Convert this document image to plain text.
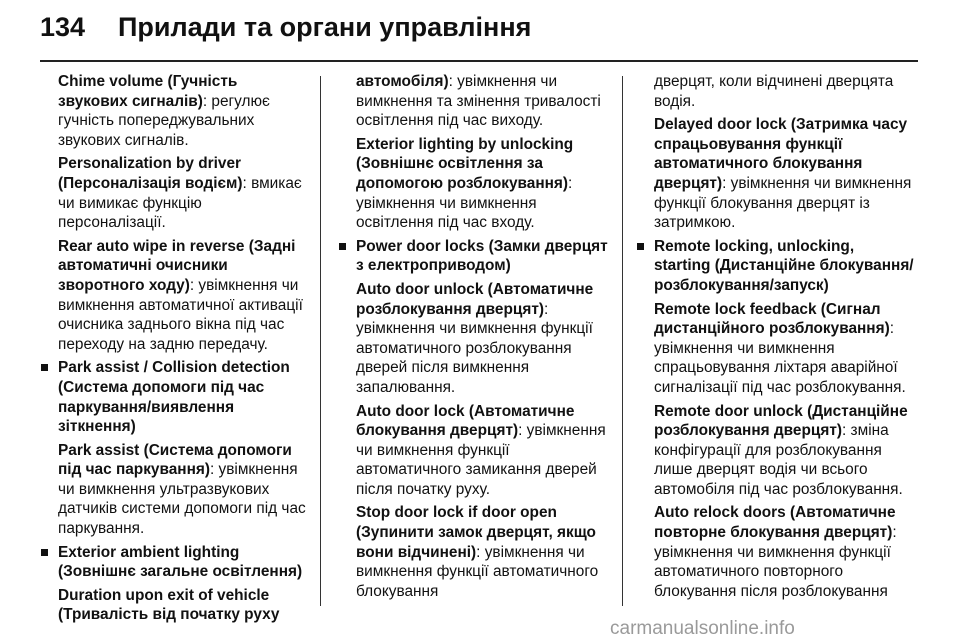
134 Прилади та органи управління

Chime volume (Гучність звукових сигналів): регулює гучність попереджувальних звукових сигналів.

Personalization by driver (Персоналізація водієм): вмикає чи вимикає функцію персоналізації.

Rear auto wipe in reverse (Задні автоматичні очисники зворотного ходу): увімкнення чи вимкнення автоматичної активації очисника заднього вікна під час переходу на задню передачу.

Park assist / Collision detection (Система допомоги під час паркування/виявлення зіткнення)

Park assist (Система допомоги під час паркування): увімкнення чи вимкнення ультразвукових датчиків системи допомоги під час паркування.

Exterior ambient lighting (Зовнішнє загальне освітлення)

Duration upon exit of vehicle (Тривалість від початку руху

автомобіля): увімкнення чи вимкнення та змінення тривалості освітлення під час виходу.

Exterior lighting by unlocking (Зовнішнє освітлення за допомогою розблокування): увімкнення чи вимкнення освітлення під час входу.

Power door locks (Замки дверцят з електроприводом)

Auto door unlock (Автоматичне розблокування дверцят): увімкнення чи вимкнення функції автоматичного розблокування дверей після вимкнення запалювання.

Auto door lock (Автоматичне блокування дверцят): увімкнення чи вимкнення функції автоматичного замикання дверей після початку руху.

Stop door lock if door open (Зупинити замок дверцят, якщо вони відчинені): увімкнення чи вимкнення функції автоматичного блокування

дверцят, коли відчинені дверцята водія.

Delayed door lock (Затримка часу спрацьовування функції автоматичного блокування дверцят): увімкнення чи вимкнення функції блокування дверцят із затримкою.

Remote locking, unlocking, starting (Дистанційне блокування/розблокування/запуск)

Remote lock feedback (Сигнал дистанційного розблокування): увімкнення чи вимкнення спрацьовування ліхтаря аварійної сигналізації під час розблокування.

Remote door unlock (Дистанційне розблокування дверцят): зміна конфігурації для розблокування лише дверцят водія чи всього автомобіля під час розблокування.

Auto relock doors (Автоматичне повторне блокування дверцят): увімкнення чи вимкнення функції автоматичного повторного блокування після розблокування

carmanualsonline.info
